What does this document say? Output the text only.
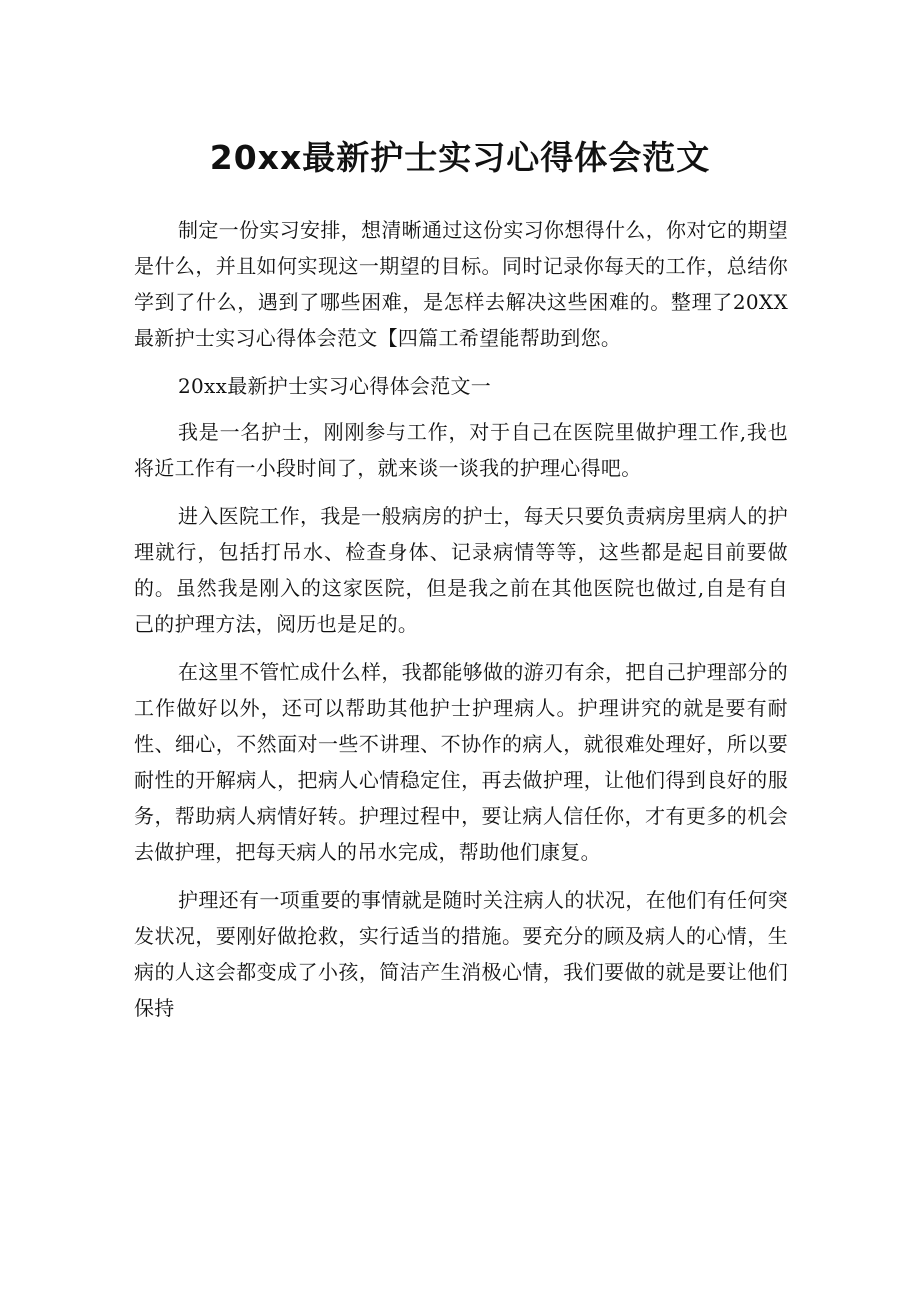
20xx最新护士实习心得体会范文

制定一份实习安排，想清晰通过这份实习你想得什么，你对它的期望是什么，并且如何实现这一期望的目标。同时记录你每天的工作，总结你学到了什么，遇到了哪些困难，是怎样去解决这些困难的。整理了20XX最新护士实习心得体会范文【四篇工希望能帮助到您。

20xx最新护士实习心得体会范文一

我是一名护士，刚刚参与工作，对于自己在医院里做护理工作,我也将近工作有一小段时间了，就来谈一谈我的护理心得吧。

进入医院工作，我是一般病房的护士，每天只要负责病房里病人的护理就行，包括打吊水、检查身体、记录病情等等，这些都是起目前要做的。虽然我是刚入的这家医院，但是我之前在其他医院也做过,自是有自己的护理方法，阅历也是足的。

在这里不管忙成什么样，我都能够做的游刃有余，把自己护理部分的工作做好以外，还可以帮助其他护士护理病人。护理讲究的就是要有耐性、细心，不然面对一些不讲理、不协作的病人，就很难处理好，所以要耐性的开解病人，把病人心情稳定住，再去做护理，让他们得到良好的服务，帮助病人病情好转。护理过程中，要让病人信任你，才有更多的机会去做护理，把每天病人的吊水完成，帮助他们康复。

护理还有一项重要的事情就是随时关注病人的状况，在他们有任何突发状况，要刚好做抢救，实行适当的措施。要充分的顾及病人的心情，生病的人这会都变成了小孩，简洁产生消极心情，我们要做的就是要让他们保持
